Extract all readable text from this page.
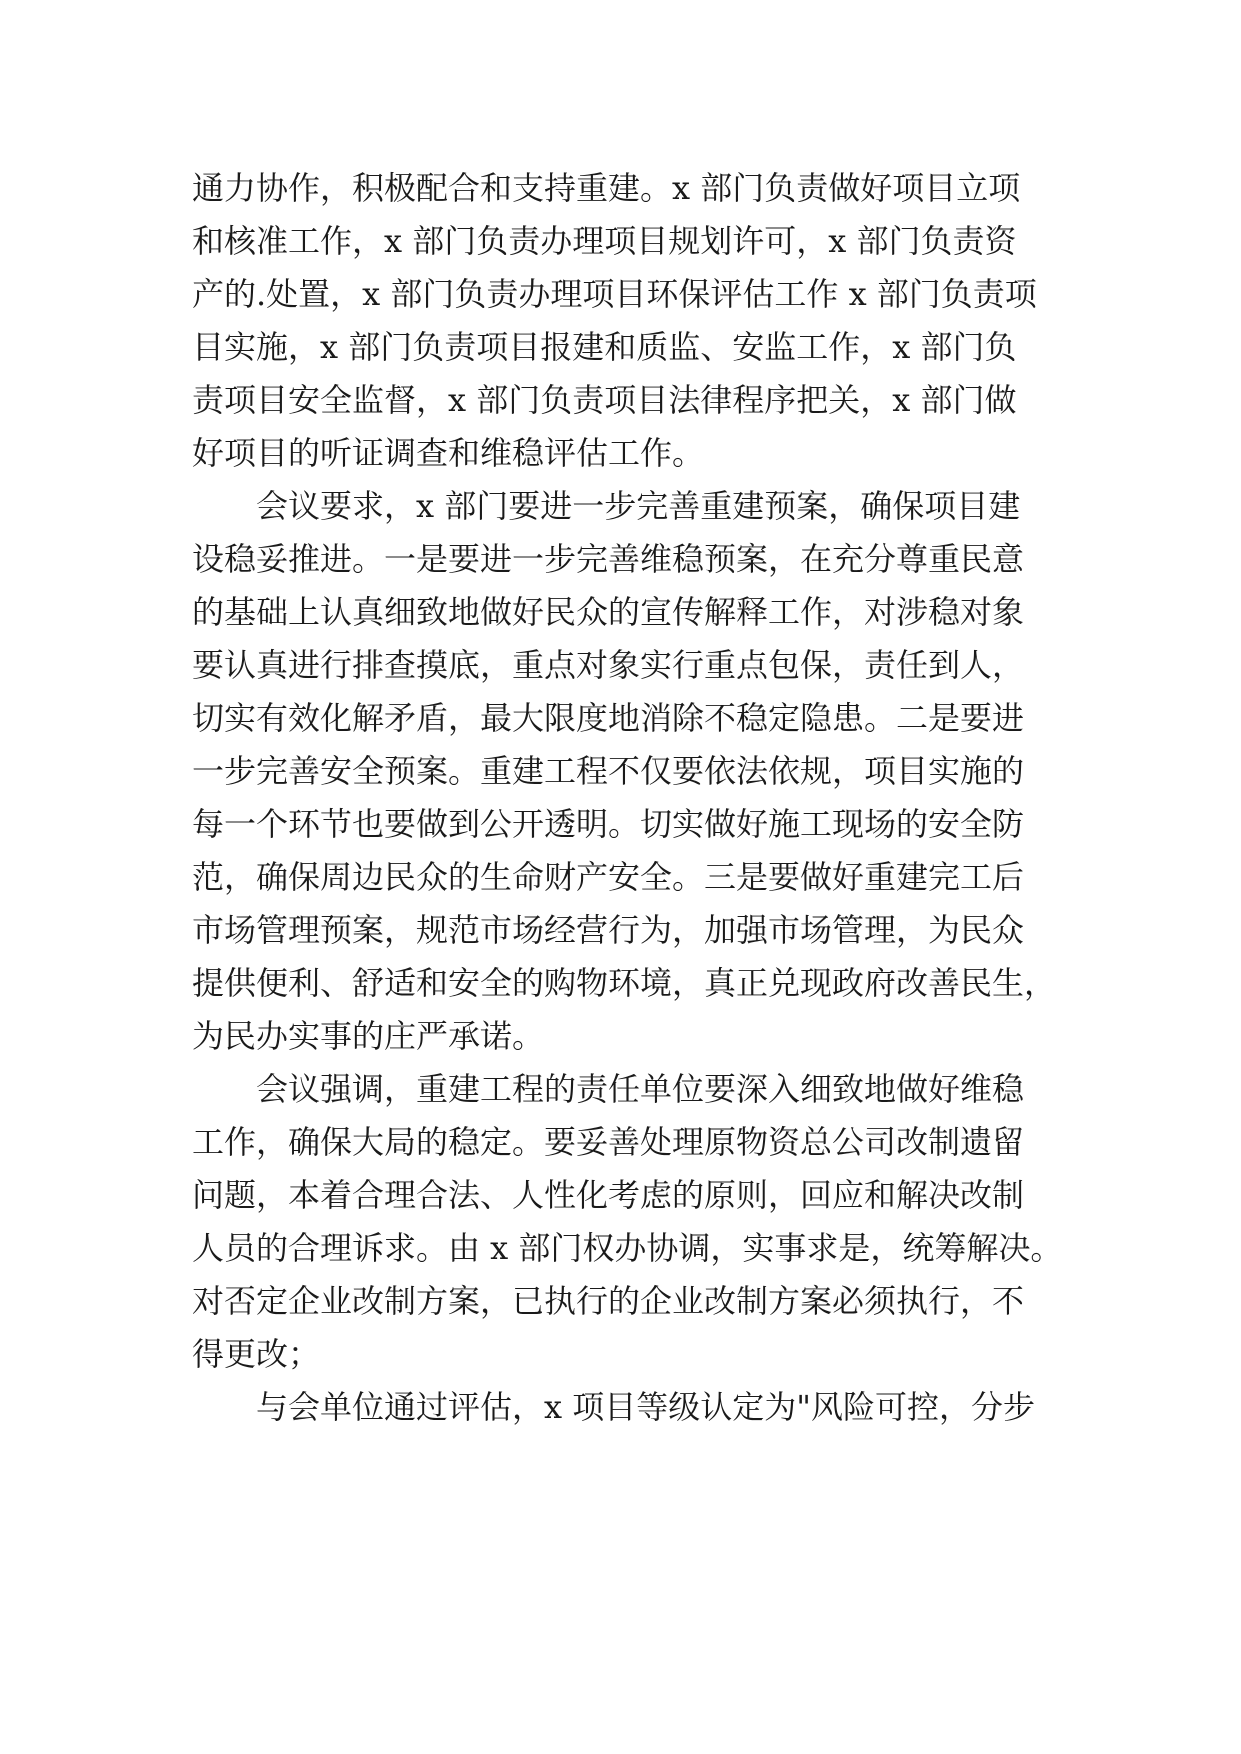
通力协作，积极配合和支持重建。x 部门负责做好项目立项
和核准工作，x 部门负责办理项目规划许可，x 部门负责资
产的.处置，x 部门负责办理项目环保评估工作 x 部门负责项
目实施，x 部门负责项目报建和质监、安监工作，x 部门负
责项目安全监督，x 部门负责项目法律程序把关，x 部门做
好项目的听证调查和维稳评估工作。
会议要求，x 部门要进一步完善重建预案，确保项目建
设稳妥推进。一是要进一步完善维稳预案，在充分尊重民意
的基础上认真细致地做好民众的宣传解释工作，对涉稳对象
要认真进行排查摸底，重点对象实行重点包保，责任到人，
切实有效化解矛盾，最大限度地消除不稳定隐患。二是要进
一步完善安全预案。重建工程不仅要依法依规，项目实施的
每一个环节也要做到公开透明。切实做好施工现场的安全防
范，确保周边民众的生命财产安全。三是要做好重建完工后
市场管理预案，规范市场经营行为，加强市场管理，为民众
提供便利、舒适和安全的购物环境，真正兑现政府改善民生，
为民办实事的庄严承诺。
会议强调，重建工程的责任单位要深入细致地做好维稳
工作，确保大局的稳定。要妥善处理原物资总公司改制遗留
问题，本着合理合法、人性化考虑的原则，回应和解决改制
人员的合理诉求。由 x 部门权办协调，实事求是，统筹解决。
对否定企业改制方案，已执行的企业改制方案必须执行，不
得更改；
与会单位通过评估，x 项目等级认定为"风险可控，分步
